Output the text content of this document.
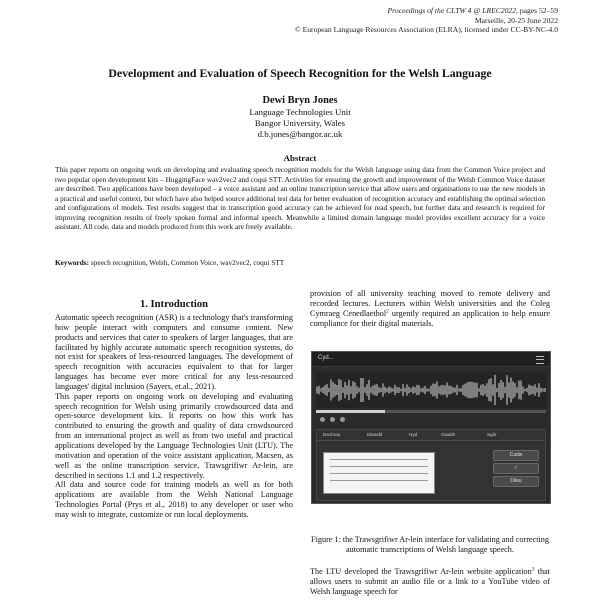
Proceedings of the CLTW 4 @ LREC2022, pages 52–59
Marseille, 20-25 June 2022
© European Language Resources Association (ELRA), licensed under CC-BY-NC-4.0
Development and Evaluation of Speech Recognition for the Welsh Language
Dewi Bryn Jones
Language Technologies Unit
Bangor University, Wales
d.b.jones@bangor.ac.uk
Abstract
This paper reports on ongoing work on developing and evaluating speech recognition models for the Welsh language using data from the Common Voice project and two popular open development kits – HuggingFace wav2vec2 and coqui STT. Activities for ensuring the growth and improvement of the Welsh Common Voice dataset are described. Two applications have been developed – a voice assistant and an online transcription service that allow users and organisations to use the new models in a practical and useful context, but which have also helped source additional test data for better evaluation of recognition accuracy and establishing the optimal selection and configurations of models. Test results suggest that in transcription good accuracy can be achieved for read speech, but further data and research is required for improving recognition results of freely spoken formal and informal speech. Meanwhile a limited domain language model provides excellent accuracy for a voice assistant. All code, data and models produced from this work are freely available.
Keywords: speech recognition, Welsh, Common Voice, wav2vec2, coqui STT
1. Introduction

Automatic speech recognition (ASR) is a technology that's transforming how people interact with computers and consume content. New products and services that cater to speakers of larger languages, that are facilitated by highly accurate automatic speech recognition systems, do not exist for speakers of less-resourced languages. The development of speech recognition with accuracies equivalent to that for larger languages has become ever more critical for any less-resourced languages' digital inclusion (Sayers, et.al., 2021).

This paper reports on ongoing work on developing and evaluating speech recognition for Welsh using primarily crowdsourced data and open-source development kits. It reports on how this work has contributed to ensuring the growth and quality of data crowdsourced from an international project as well as from two useful and practical applications developed by the Language Technologies Unit (LTU). The motivation and operation of the voice assistant application, Macsen, as well as the online transcription service, Trawsgrifiwr Ar-lein, are described in sections 1.1 and 1.2 respectively.

All data and source code for training models as well as for both applications are available from the Welsh National Language Technologies Portal (Prys et al., 2018) to any developer or user who may wish to integrate, customize or run local deployments.

provision of all university teaching moved to remote delivery and recorded lectures. Lecturers within Welsh universities and the Coleg Cymraeg Cenedlaethol$^2$ urgently required an application to help ensure compliance for their digital materials.

Cyd...
Dechrau	Diwedd	Hyd	Gwaith	Sgôr
Cadw
✓
Dileu
Figure 1: the Trawsgrifiwr Ar-lein interface for validating and correcting automatic transcriptions of Welsh language speech.

The LTU developed the Trawsgrifiwr Ar-lein website application$^3$ that allows users to submit an audio file or a link to a YouTube video of Welsh language speech for
